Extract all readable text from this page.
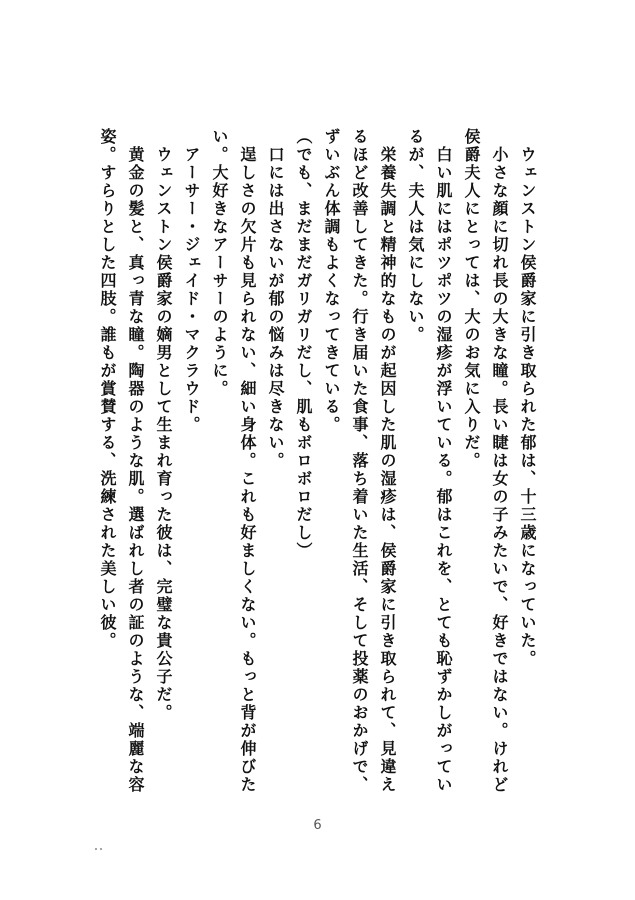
ウェンストン侯爵家に引き取られた郁は、十三歳になっていた。
小さな顔に切れ長の大きな瞳。長い睫は女の子みたいで、好きではない。けれど
侯爵夫人にとっては、大のお気に入りだ。
白い肌にはポツポツの湿疹が浮いている。郁はこれを、とても恥ずかしがってい
るが、夫人は気にしない。
栄養失調と精神的なものが起因した肌の湿疹は、侯爵家に引き取られて、見違え
るほど改善してきた。行き届いた食事、落ち着いた生活、そして投薬のおかげで、
ずいぶん体調もよくなってきている。
（でも、まだまだガリガリだし、肌もボロボロだし）
口には出さないが郁の悩みは尽きない。
逞しさの欠片も見られない、細い身体。これも好ましくない。もっと背が伸びた
い。大好きなアーサーのように。
アーサー・ジェイド・マクラウド。
ウェンストン侯爵家の嫡男として生まれ育った彼は、完璧な貴公子だ。
黄金の髪と、真っ青な瞳。陶器のような肌。選ばれし者の証のような、端麗な容
姿。すらりとした四肢。誰もが賞賛する、洗練された美しい彼。
6
